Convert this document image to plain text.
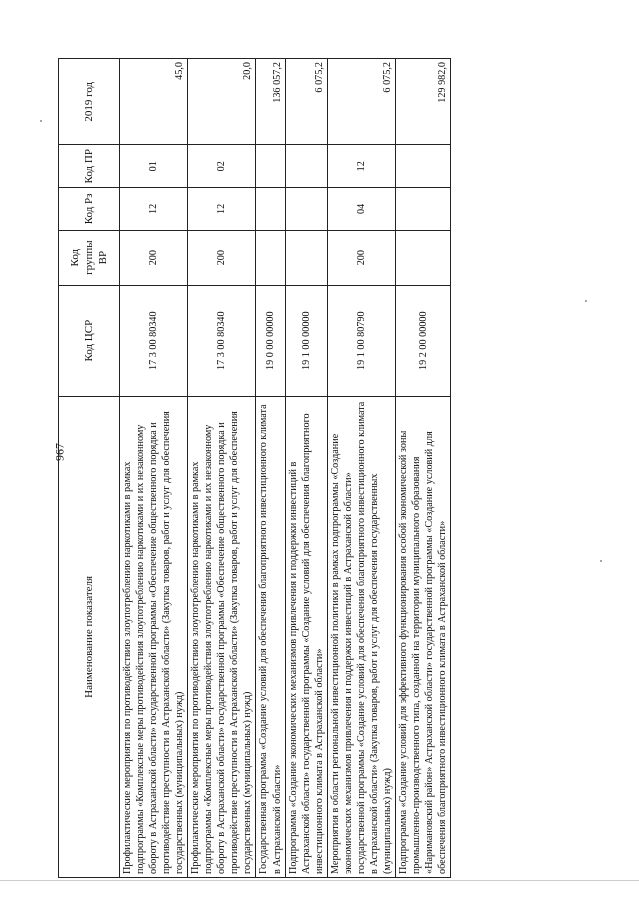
967
Наименование показателя	Код ЦСР	Код группы ВР	Код Рз	Код ПР	2019 год
Профилактические мероприятия по противодействию злоупотреблению наркотиками в рамках подпрограммы «Комплексные меры противодействия злоупотреблению наркотиками и их незаконному обороту в Астраханской области» государственной программы «Обеспечение общественного порядка и противодействие преступности в Астраханской области» (Закупка товаров, работ и услуг для обеспечения государственных (муниципальных) нужд)	17 3 00 80340	200	12	01	45,0
Профилактические мероприятия по противодействию злоупотреблению наркотиками в рамках подпрограммы «Комплексные меры противодействия злоупотреблению наркотиками и их незаконному обороту в Астраханской области» государственной программы «Обеспечение общественного порядка и противодействие преступности в Астраханской области» (Закупка товаров, работ и услуг для обеспечения государственных (муниципальных) нужд)	17 3 00 80340	200	12	02	20,0
Государственная программа «Создание условий для обеспечения благоприятного инвестиционного климата в Астраханской области»	19 0 00 00000				136 057,2
Подпрограмма «Создание экономических механизмов привлечения и поддержки инвестиций в Астраханской области» государственной программы «Создание условий для обеспечения благоприятного инвестиционного климата в Астраханской области»	19 1 00 00000				6 075,2
Мероприятия в области региональной инвестиционной политики в рамках подпрограммы «Создание экономических механизмов привлечения и поддержки инвестиций в Астраханской области» государственной программы «Создание условий для обеспечения благоприятного инвестиционного климата в Астраханской области» (Закупка товаров, работ и услуг для обеспечения государственных (муниципальных) нужд)	19 1 00 80790	200	04	12	6 075,2
Подпрограмма «Создание условий для эффективного функционирования особой экономической зоны промышленно-производственного типа, созданной на территории муниципального образования «Наримановский район» Астраханской области» государственной программы «Создание условий для обеспечения благоприятного инвестиционного климата в Астраханской области»	19 2 00 00000				129 982,0
